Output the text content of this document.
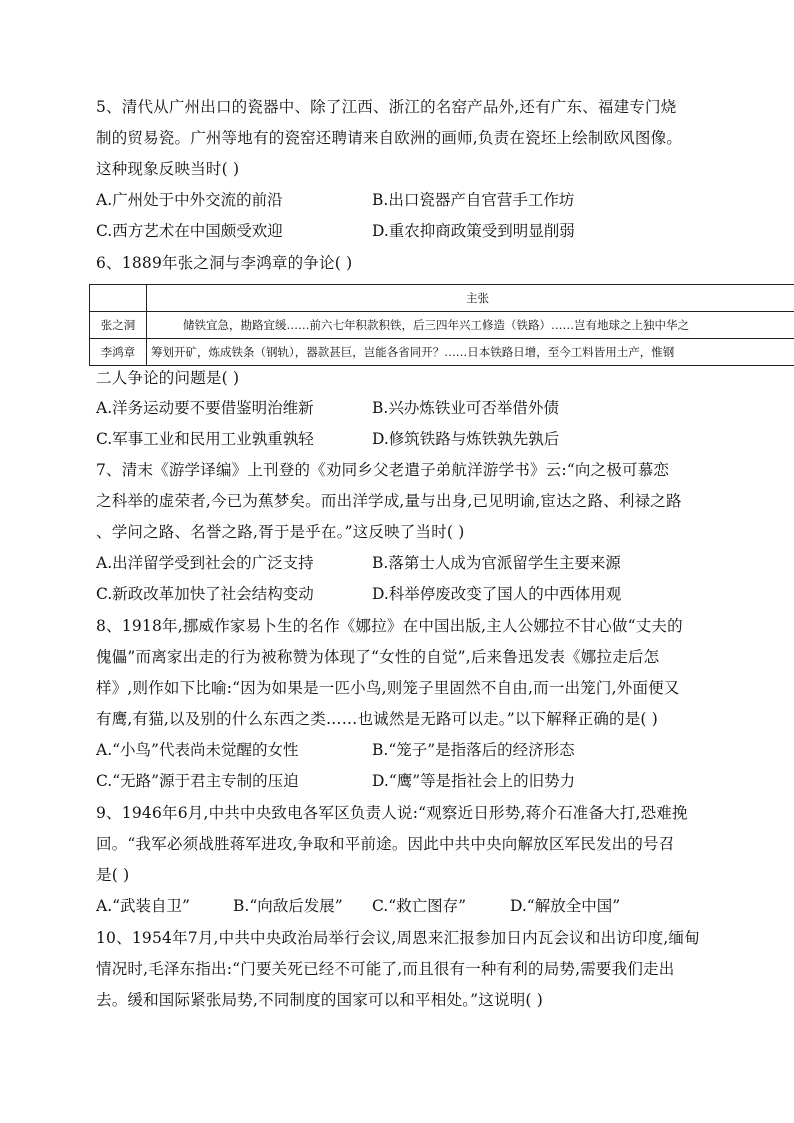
5、清代从广州出口的瓷器中、除了江西、浙江的名窑产品外,还有广东、福建专门烧
制的贸易瓷。广州等地有的瓷窑还聘请来自欧洲的画师,负责在瓷坯上绘制欧风图像。
这种现象反映当时( )
A.广州处于中外交流的前沿	B.出口瓷器产自官营手工作坊
C.西方艺术在中国颇受欢迎	D.重农抑商政策受到明显削弱
6、1889年张之洞与李鸿章的争论( )
	主张
张之洞	储铁宜急，勘路宜缓……前六七年积款积铁，后三四年兴工修造（铁路）……岂有地球之上独中华之
李鸿章	筹划开矿，炼成铁条（钢轨），器款甚巨，岂能各省同开？……日本铁路日增，至今工料皆用土产，惟钢
二人争论的问题是( )
A.洋务运动要不要借鉴明治维新	B.兴办炼铁业可否举借外债
C.军事工业和民用工业孰重孰轻	D.修筑铁路与炼铁孰先孰后
7、清末《游学译编》上刊登的《劝同乡父老遣子弟航洋游学书》云:“向之极可慕恋
之科举的虚荣者,今已为蕉梦矣。而出洋学成,量与出身,已见明谕,宦达之路、利禄之路
、学问之路、名誉之路,胥于是乎在。”这反映了当时( )
A.出洋留学受到社会的广泛支持	B.落第士人成为官派留学生主要来源
C.新政改革加快了社会结构变动	D.科举停废改变了国人的中西体用观
8、1918年,挪威作家易卜生的名作《娜拉》在中国出版,主人公娜拉不甘心做“丈夫的
傀儡”而离家出走的行为被称赞为体现了“女性的自觉”,后来鲁迅发表《娜拉走后怎
样》,则作如下比喻:“因为如果是一匹小鸟,则笼子里固然不自由,而一出笼门,外面便又
有鹰,有猫,以及别的什么东西之类……也诚然是无路可以走。”以下解释正确的是( )
A.“小鸟”代表尚未觉醒的女性	B.“笼子”是指落后的经济形态
C.“无路”源于君主专制的压迫	D.“鹰”等是指社会上的旧势力
9、1946年6月,中共中央致电各军区负责人说:“观察近日形势,蒋介石准备大打,恐难挽
回。“我军必须战胜蒋军进攻,争取和平前途。因此中共中央向解放区军民发出的号召
是( )
A.“武装自卫”	B.“向敌后发展” C.“救亡图存”	D.“解放全中国”
10、1954年7月,中共中央政治局举行会议,周恩来汇报参加日内瓦会议和出访印度,缅甸
情况时,毛泽东指出:“门要关死已经不可能了,而且很有一种有利的局势,需要我们走出
去。缓和国际紧张局势,不同制度的国家可以和平相处。”这说明( )
